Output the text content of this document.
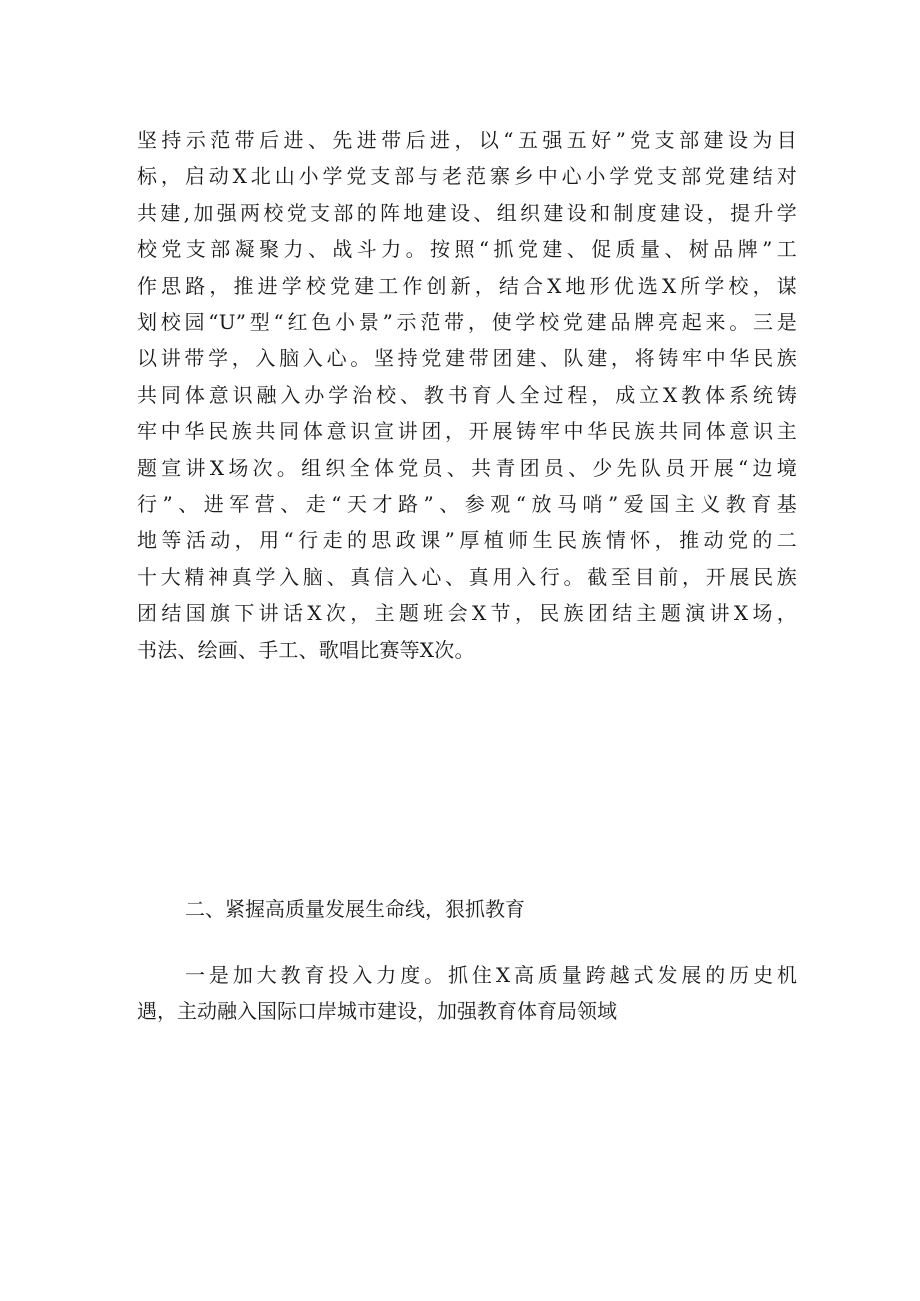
坚持示范带后进、先进带后进，以“五强五好”党支部建设为目
标，启动X北山小学党支部与老范寨乡中心小学党支部党建结对
共建,加强两校党支部的阵地建设、组织建设和制度建设，提升学
校党支部凝聚力、战斗力。按照“抓党建、促质量、树品牌”工
作思路，推进学校党建工作创新，结合X地形优选X所学校，谋
划校园“U”型“红色小景”示范带，使学校党建品牌亮起来。三是
以讲带学，入脑入心。坚持党建带团建、队建，将铸牢中华民族
共同体意识融入办学治校、教书育人全过程，成立X教体系统铸
牢中华民族共同体意识宣讲团，开展铸牢中华民族共同体意识主
题宣讲X场次。组织全体党员、共青团员、少先队员开展“边境
行”、进军营、走“天才路”、参观“放马哨”爱国主义教育基
地等活动，用“行走的思政课”厚植师生民族情怀，推动党的二
十大精神真学入脑、真信入心、真用入行。截至目前，开展民族
团结国旗下讲话X次，主题班会X节，民族团结主题演讲X场，
书法、绘画、手工、歌唱比赛等X次。
二、紧握高质量发展生命线，狠抓教育
一是加大教育投入力度。抓住X高质量跨越式发展的历史机
遇，主动融入国际口岸城市建设，加强教育体育局领域
